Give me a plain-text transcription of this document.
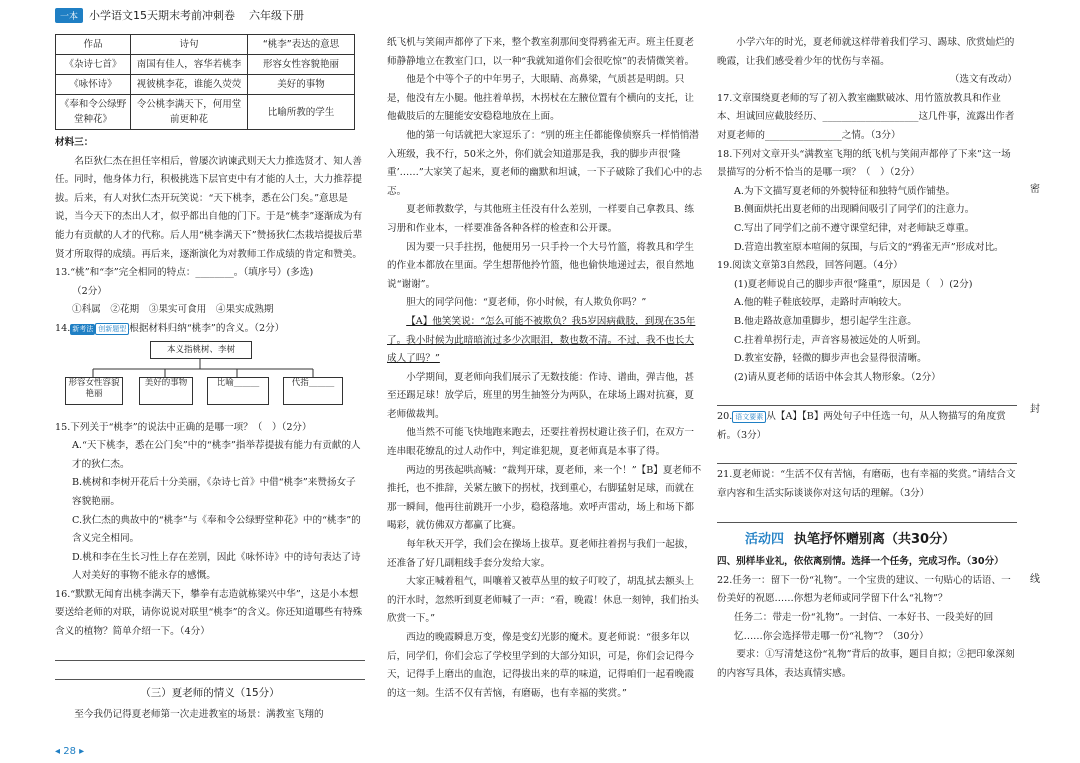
一本	小学语文15天期末考前冲刺卷 六年级下册
作品	诗句	“桃李”表达的意思
《杂诗七首》	南国有佳人，容华若桃李	形容女性容貌艳丽
《咏怀诗》	视彼桃李花，谁能久荧荧	美好的事物
《奉和令公绿野堂种花》	令公桃李满天下，何用堂前更种花	比喻所教的学生

材料三：

名臣狄仁杰在担任宰相后，曾屡次讷谏武则天大力推选贤才、知人善任。同时，他身体力行，积极挑选下层官吏中有才能的人士，大力推荐提拔。后来，有人对狄仁杰开玩笑说：“天下桃李，悉在公门矣。”意思是说，当今天下的杰出人才，似乎都出自他的门下。于是“桃李”逐渐成为有能力有贡献的人才的代称。后人用“桃李满天下”赞扬狄仁杰栽培提拔后辈贤才所取得的成绩。再后来，逐渐演化为对教师工作成绩的肯定和赞美。

13.“桃”和“李”完全相同的特点：________。（填序号）(多选)

（2分）

①科属　②花期　③果实可食用　④果实成熟期

14. 新考法 创新题型 根据材料归纳“桃李”的含义。（2分）

本义指桃树、李树
形容女性容貌艳丽
美好的事物	比喻______	代指______

15.下列关于“桃李”的说法中正确的是哪一项？（　）（2分）

A.“天下桃李，悉在公门矣”中的“桃李”指举荐提拔有能力有贡献的人才的狄仁杰。

B.桃树和李树开花后十分美丽，《杂诗七首》中借“桃李”来赞扬女子容貌艳丽。

C.狄仁杰的典故中的“桃李”与《奉和令公绿野堂种花》中的“桃李”的含义完全相同。

D.桃和李在生长习性上存在差别，因此《咏怀诗》中的诗句表达了诗人对美好的事物不能永存的感慨。

16.“默默无闻育出桃李满天下，攀拳有志造就栋梁兴中华”，这是小本想要送给老师的对联，请你说说对联里“桃李”的含义。你还知道哪些有特殊含义的植物？简单介绍一下。（4分）

（三）夏老师的情义（15分）

至今我仍记得夏老师第一次走进教室的场景：满教室飞翔的

纸飞机与笑闹声都停了下来，整个教室刹那间变得鸦雀无声。班主任夏老师静静地立在教室门口，以一种“我就知道你们会很吃惊”的表情微笑着。

他是个中等个子的中年男子，大眼睛、高鼻梁，气质甚是明朗。只是，他没有左小腿。他拄着单拐，木拐杖在左腋位置有个横向的支托，让他截肢后的左腿能安安稳稳地放在上面。

他的第一句话就把大家逗乐了：“别的班主任都能像侦察兵一样悄悄潜入班级，我不行，50米之外，你们就会知道那是我，我的脚步声很‘隆重’……”大家笑了起来，夏老师的幽默和坦诚，一下子破除了我们心中的忐忑。

夏老师教数学，与其他班主任没有什么差别，一样要自己拿教具、练习册和作业本，一样要准备各种各样的检查和公开课。

因为要一只手拄拐，他便用另一只手拎一个大号竹篮，将教具和学生的作业本都放在里面。学生想帮他拎竹篮，他也偷快地递过去，很自然地说“谢谢”。

胆大的同学问他：“夏老师，你小时候，有人欺负你吗？”

【A】他笑笑说：“怎么可能不被欺负？我5岁因病截肢，到现在35年了。我小时候为此暗暗流过多少次眼泪，数也数不清。不过，我不也长大成人了吗？”

小学期间，夏老师向我们展示了无数技能：作诗、谱曲，弹吉他，甚至还踢足球！放学后，班里的男生抽签分为两队，在球场上踢对抗赛，夏老师做裁判。

他当然不可能飞快地跑来跑去，还要拄着拐杖避让孩子们，在双方一连串眼花缭乱的过人动作中，判定谁犯规，夏老师真是本事了得。

两边的男孩起哄高喊：“裁判开球，夏老师，来一个！”【B】夏老师不推托，也不推辞，关紧左腋下的拐杖，找到重心，右脚猛射足球，而就在那一瞬间，他再往前跳开一小步，稳稳落地。欢呼声雷动，场上和场下都喝彩，就仿佛双方都赢了比赛。

每年秋天开学，我们会在操场上拔草。夏老师拄着拐与我们一起拔，还准备了好几副粗线手套分发给大家。

大家正喊着租气，叫嚷着又被草丛里的蚊子叮咬了，胡乱拭去额头上的汗水时，忽然听到夏老师喊了一声：“看，晚霞！休息一刻钟，我们抬头欣赏一下。”

西边的晚霞瞬息万变，像是变幻光影的魔术。夏老师说：“很多年以后，同学们，你们会忘了学校里学到的大部分知识，可是，你们会记得今天，记得手上磨出的血泡，记得拔出来的草的味道，记得咱们一起看晚霞的这一刻。生活不仅有苦恼，有磨砺，也有幸福的奖赏。”

小学六年的时光，夏老师就这样带着我们学习、踢球、欣赏灿烂的晚霞，让我们感受着少年的忧伤与幸福。

（选文有改动）

17.文章围绕夏老师的写了初入教室幽默破冰、用竹篮放教具和作业本、坦诚回应截肢经历、____________________这几件事，流露出作者对夏老师的________________之情。（3分）

18.下列对文章开头“满教室飞翔的纸飞机与笑闹声都停了下来”这一场景描写的分析不恰当的是哪一项？（　）（2分）

A.为下文描写夏老师的外貌特征和独特气质作铺垫。

B.侧面烘托出夏老师的出现瞬间吸引了同学们的注意力。

C.写出了同学们之前不遵守课堂纪律，对老师缺乏尊重。

D.营造出教室原本喧闹的氛围，与后文的“鸦雀无声”形成对比。

19.阅读文章第3自然段，回答问题。（4分）

(1)夏老师说自己的脚步声很“隆重”，原因是（　）(2分)

A.他的鞋子鞋底较厚，走路时声响较大。

B.他走路故意加重脚步，想引起学生注意。

C.拄着单拐行走，声音容易被远处的人听到。

D.教室安静，轻微的脚步声也会显得很清晰。

(2)请从夏老师的话语中体会其人物形象。（2分）

20. 语文要素 从【A】【B】两处句子中任选一句，从人物描写的角度赏析。（3分）

21.夏老师说：“生活不仅有苦恼，有磨砺，也有幸福的奖赏。”请结合文章内容和生活实际谈谈你对这句话的理解。（3分）

活动四 执笔抒怀赠别离（共30分）

四、别样毕业礼，依依离别情。选择一个任务，完成习作。（30分）

22.任务一：留下一份“礼物”。一个宝贵的建议、一句贴心的话语、一份美好的祝愿……你想为老师或同学留下什么“礼物”？

任务二：带走一份“礼物”。一封信、一本好书、一段美好的回忆……你会选择带走哪一份“礼物”？（30分）

要求：①写清楚这份“礼物”背后的故事，题目自拟；②把印象深刻的内容写具体，表达真情实感。

密
封
线
◂ 28 ▸
